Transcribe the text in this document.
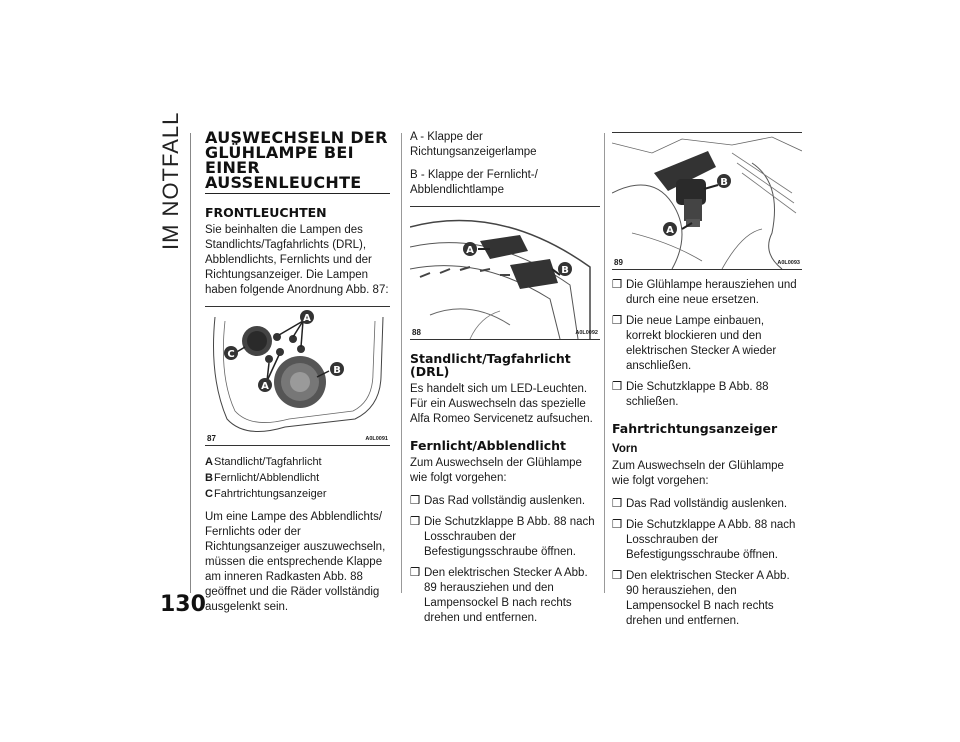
IM NOTFALL
130
AUSWECHSELN DER GLÜHLAMPE BEI EINER AUSSENLEUCHTE
FRONTLEUCHTEN

Sie beinhalten die Lampen des Standlichts/Tagfahrlichts (DRL), Abblendlichts, Fernlichts und der Richtungsanzeiger. Die Lampen haben folgende Anordnung Abb. 87:

A
B
C
A
87	A0L0091
AStandlicht/Tagfahrlicht
BFernlicht/Abblendlicht
CFahrtrichtungsanzeiger

Um eine Lampe des Abblendlichts/ Fernlichts oder der Richtungsanzeiger auszuwechseln, müssen die entsprechende Klappe am inneren Radkasten Abb. 88 geöffnet und die Räder vollständig ausgelenkt sein.

A - Klappe der Richtungsanzeigerlampe

B - Klappe der Fernlicht-/ Abblendlichtlampe

A
B
88	A0L0092
Standlicht/Tagfahrlicht (DRL)

Es handelt sich um LED-Leuchten. Für ein Auswechseln das spezielle Alfa Romeo Servicenetz aufsuchen.

Fernlicht/Abblendlicht

Zum Auswechseln der Glühlampe wie folgt vorgehen:

❒ Das Rad vollständig auslenken.
❒ Die Schutzklappe B Abb. 88 nach Losschrauben der Befestigungsschraube öffnen.
❒ Den elektrischen Stecker A Abb. 89 herausziehen und den Lampensockel B nach rechts drehen und entfernen.
B
A
89	A0L0093
❒ Die Glühlampe herausziehen und durch eine neue ersetzen.
❒ Die neue Lampe einbauen, korrekt blockieren und den elektrischen Stecker A wieder anschließen.
❒ Die Schutzklappe B Abb. 88 schließen.
Fahrtrichtungsanzeiger
Vorn

Zum Auswechseln der Glühlampe wie folgt vorgehen:

❒ Das Rad vollständig auslenken.
❒ Die Schutzklappe A Abb. 88 nach Losschrauben der Befestigungsschraube öffnen.
❒ Den elektrischen Stecker A Abb. 90 herausziehen, den Lampensockel B nach rechts drehen und entfernen.
